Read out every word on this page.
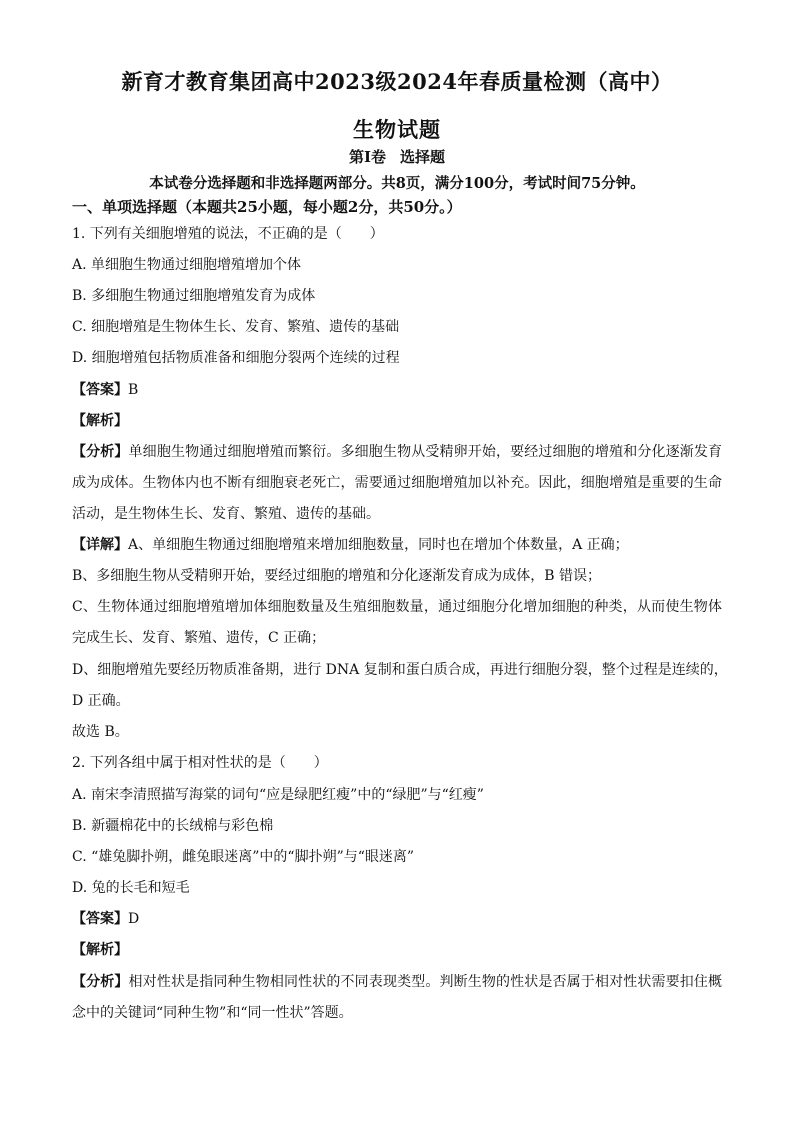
新育才教育集团高中2023级2024年春质量检测（高中）
生物试题
第Ⅰ卷 选择题
本试卷分选择题和非选择题两部分。共8页，满分100分，考试时间75分钟。
一、单项选择题（本题共25小题，每小题2分，共50分。）
1. 下列有关细胞增殖的说法，不正确的是（　　）
A. 单细胞生物通过细胞增殖增加个体
B. 多细胞生物通过细胞增殖发育为成体
C. 细胞增殖是生物体生长、发育、繁殖、遗传的基础
D. 细胞增殖包括物质准备和细胞分裂两个连续的过程
【答案】B
【解析】
【分析】单细胞生物通过细胞增殖而繁衍。多细胞生物从受精卵开始，要经过细胞的增殖和分化逐渐发育
成为成体。生物体内也不断有细胞衰老死亡，需要通过细胞增殖加以补充。因此，细胞增殖是重要的生命
活动，是生物体生长、发育、繁殖、遗传的基础。
【详解】A、单细胞生物通过细胞增殖来增加细胞数量，同时也在增加个体数量，A 正确；
B、多细胞生物从受精卵开始，要经过细胞的增殖和分化逐渐发育成为成体，B 错误；
C、生物体通过细胞增殖增加体细胞数量及生殖细胞数量，通过细胞分化增加细胞的种类，从而使生物体
完成生长、发育、繁殖、遗传，C 正确；
D、细胞增殖先要经历物质准备期，进行 DNA 复制和蛋白质合成，再进行细胞分裂，整个过程是连续的，
D 正确。
故选 B。
2. 下列各组中属于相对性状的是（　　）
A. 南宋李清照描写海棠的词句“应是绿肥红瘦”中的“绿肥”与“红瘦”
B. 新疆棉花中的长绒棉与彩色棉
C. “雄兔脚扑朔，雌兔眼迷离”中的“脚扑朔”与“眼迷离”
D. 兔的长毛和短毛
【答案】D
【解析】
【分析】相对性状是指同种生物相同性状的不同表现类型。判断生物的性状是否属于相对性状需要扣住概
念中的关键词“同种生物”和“同一性状”答题。
